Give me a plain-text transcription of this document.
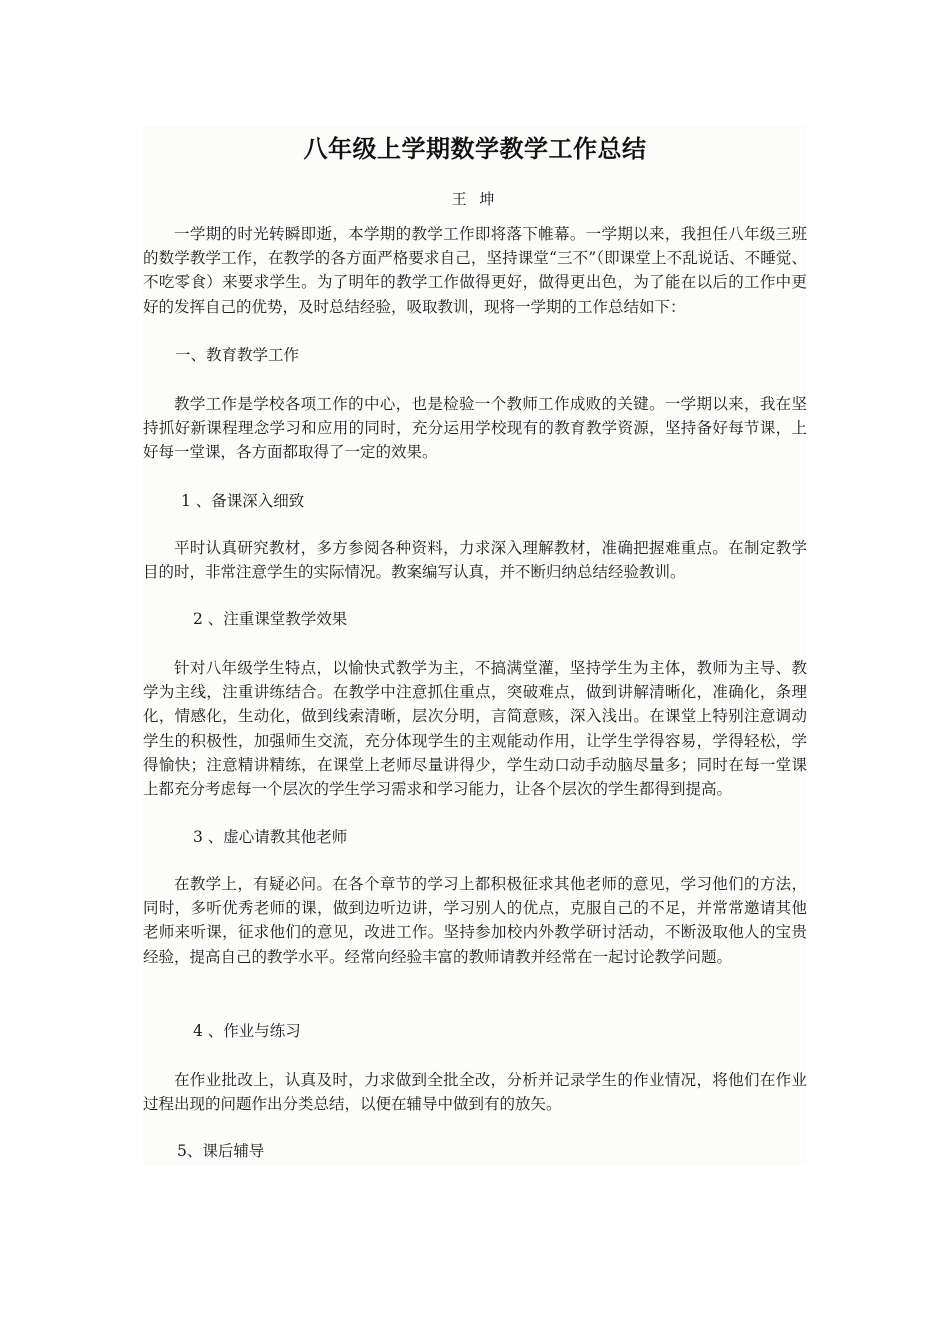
八年级上学期数学教学工作总结
王 坤

一学期的时光转瞬即逝，本学期的教学工作即将落下帷幕。一学期以来，我担任八年级三班的数学教学工作，在教学的各方面严格要求自己，坚持课堂“三不”（即课堂上不乱说话、不睡觉、不吃零食）来要求学生。为了明年的教学工作做得更好，做得更出色，为了能在以后的工作中更好的发挥自己的优势，及时总结经验，吸取教训，现将一学期的工作总结如下：

一、教育教学工作

教学工作是学校各项工作的中心，也是检验一个教师工作成败的关键。一学期以来，我在坚持抓好新课程理念学习和应用的同时，充分运用学校现有的教育教学资源，坚持备好每节课，上好每一堂课，各方面都取得了一定的效果。

1 、备课深入细致

平时认真研究教材，多方参阅各种资料，力求深入理解教材，准确把握难重点。在制定教学目的时，非常注意学生的实际情况。教案编写认真，并不断归纳总结经验教训。

2 、注重课堂教学效果

针对八年级学生特点，以愉快式教学为主，不搞满堂灌，坚持学生为主体，教师为主导、教学为主线，注重讲练结合。在教学中注意抓住重点，突破难点，做到讲解清晰化，准确化，条理化，情感化，生动化，做到线索清晰，层次分明，言简意赅，深入浅出。在课堂上特别注意调动学生的积极性，加强师生交流，充分体现学生的主观能动作用，让学生学得容易，学得轻松，学得愉快；注意精讲精练，在课堂上老师尽量讲得少，学生动口动手动脑尽量多；同时在每一堂课上都充分考虑每一个层次的学生学习需求和学习能力，让各个层次的学生都得到提高。

3 、虚心请教其他老师

在教学上，有疑必问。在各个章节的学习上都积极征求其他老师的意见，学习他们的方法，同时，多听优秀老师的课，做到边听边讲，学习别人的优点，克服自己的不足，并常常邀请其他老师来听课，征求他们的意见，改进工作。坚持参加校内外教学研讨活动，不断汲取他人的宝贵经验，提高自己的教学水平。经常向经验丰富的教师请教并经常在一起讨论教学问题。

4 、作业与练习

在作业批改上，认真及时，力求做到全批全改，分析并记录学生的作业情况，将他们在作业过程出现的问题作出分类总结，以便在辅导中做到有的放矢。

5、课后辅导
